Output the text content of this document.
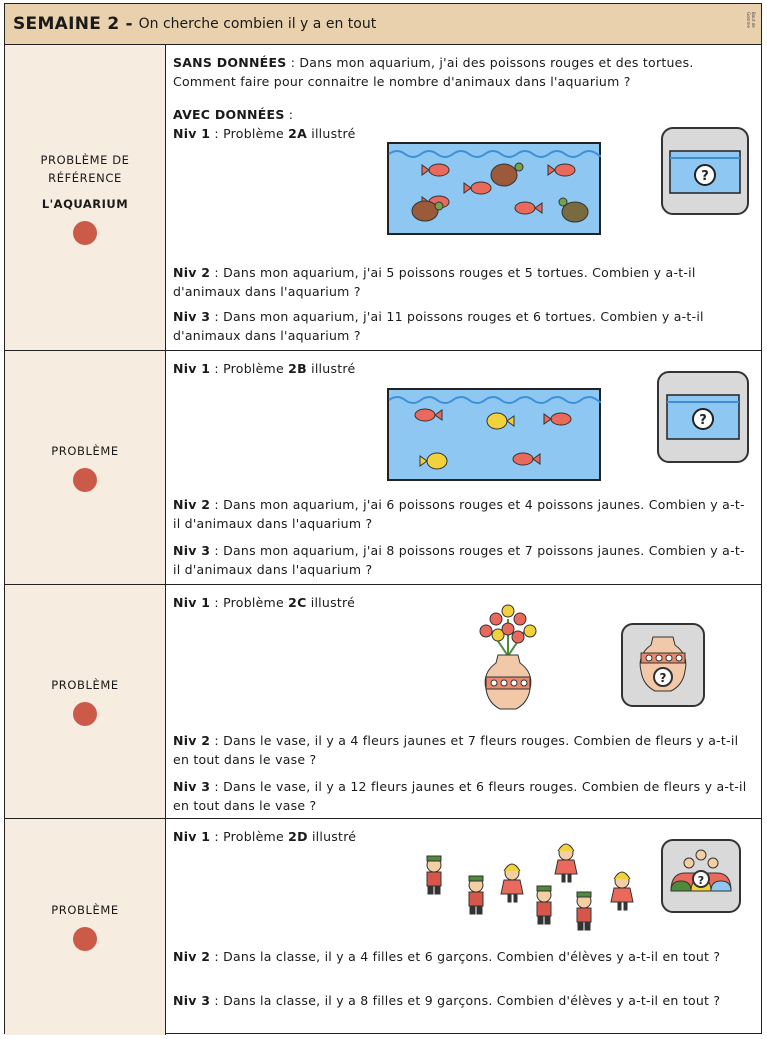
SEMAINE 2 - On cherche combien il y a en tout	Bout de Gomme
PROBLÈME DE RÉFÉRENCE
L'AQUARIUM
SANS DONNÉES : Dans mon aquarium, j'ai des poissons rouges et des tortues. Comment faire pour connaitre le nombre d'animaux dans l'aquarium ?
AVEC DONNÉES :
Niv 1 : Problème 2A illustré
?
Niv 2 : Dans mon aquarium, j'ai 5 poissons rouges et 5 tortues. Combien y a-t-il d'animaux dans l'aquarium ?
Niv 3 : Dans mon aquarium, j'ai 11 poissons rouges et 6 tortues. Combien y a-t-il d'animaux dans l'aquarium ?
PROBLÈME
Niv 1 : Problème 2B illustré
?
Niv 2 : Dans mon aquarium, j'ai 6 poissons rouges et 4 poissons jaunes. Combien y a-t-il d'animaux dans l'aquarium ?
Niv 3 : Dans mon aquarium, j'ai 8 poissons rouges et 7 poissons jaunes. Combien y a-t-il d'animaux dans l'aquarium ?
PROBLÈME
Niv 1 : Problème 2C illustré
?
Niv 2 : Dans le vase, il y a 4 fleurs jaunes et 7 fleurs rouges. Combien de fleurs y a-t-il en tout dans le vase ?
Niv 3 : Dans le vase, il y a 12 fleurs jaunes et 6 fleurs rouges. Combien de fleurs y a-t-il en tout dans le vase ?
PROBLÈME
Niv 1 : Problème 2D illustré
?
Niv 2 : Dans la classe, il y a 4 filles et 6 garçons. Combien d'élèves y a-t-il en tout ?
Niv 3 : Dans la classe, il y a 8 filles et 9 garçons. Combien d'élèves y a-t-il en tout ?
